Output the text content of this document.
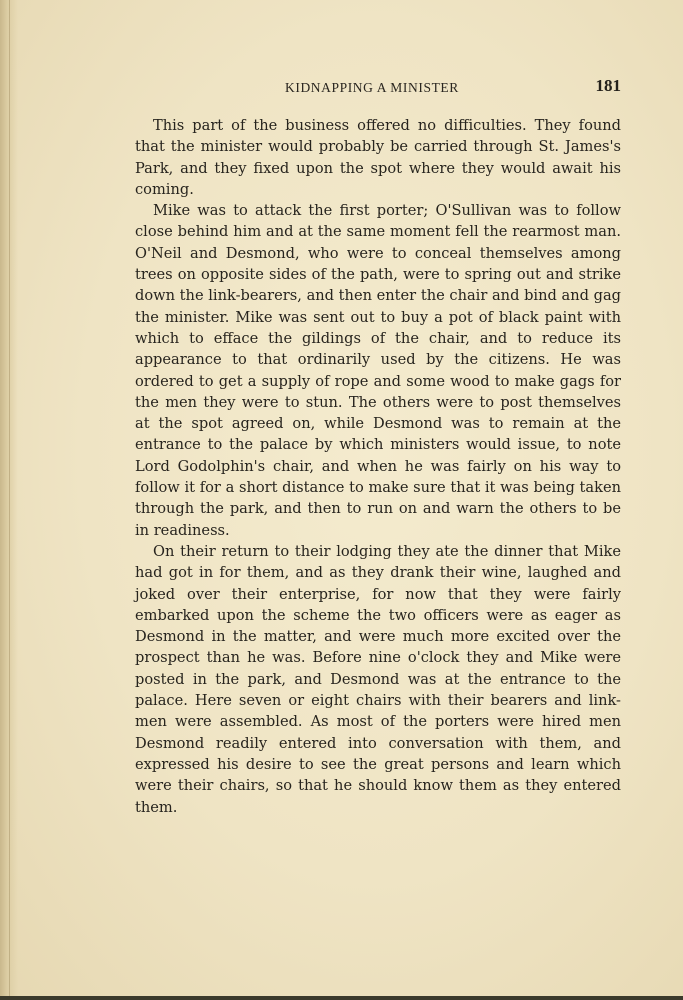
KIDNAPPING A MINISTER	181

This part of the business offered no difficulties. They found that the minister would probably be carried through St. James's Park, and they fixed upon the spot where they would await his coming.

Mike was to attack the first porter; O'Sullivan was to follow close behind him and at the same moment fell the rearmost man. O'Neil and Desmond, who were to conceal themselves among trees on opposite sides of the path, were to spring out and strike down the link-bearers, and then enter the chair and bind and gag the minister. Mike was sent out to buy a pot of black paint with which to efface the gildings of the chair, and to reduce its appearance to that ordinarily used by the citizens. He was ordered to get a supply of rope and some wood to make gags for the men they were to stun. The others were to post themselves at the spot agreed on, while Desmond was to remain at the entrance to the palace by which ministers would issue, to note Lord Godolphin's chair, and when he was fairly on his way to follow it for a short distance to make sure that it was being taken through the park, and then to run on and warn the others to be in readiness.

On their return to their lodging they ate the dinner that Mike had got in for them, and as they drank their wine, laughed and joked over their enterprise, for now that they were fairly embarked upon the scheme the two officers were as eager as Desmond in the matter, and were much more excited over the prospect than he was. Before nine o'clock they and Mike were posted in the park, and Desmond was at the entrance to the palace. Here seven or eight chairs with their bearers and link-men were assembled. As most of the porters were hired men Desmond readily entered into conversation with them, and expressed his desire to see the great persons and learn which were their chairs, so that he should know them as they entered them.
